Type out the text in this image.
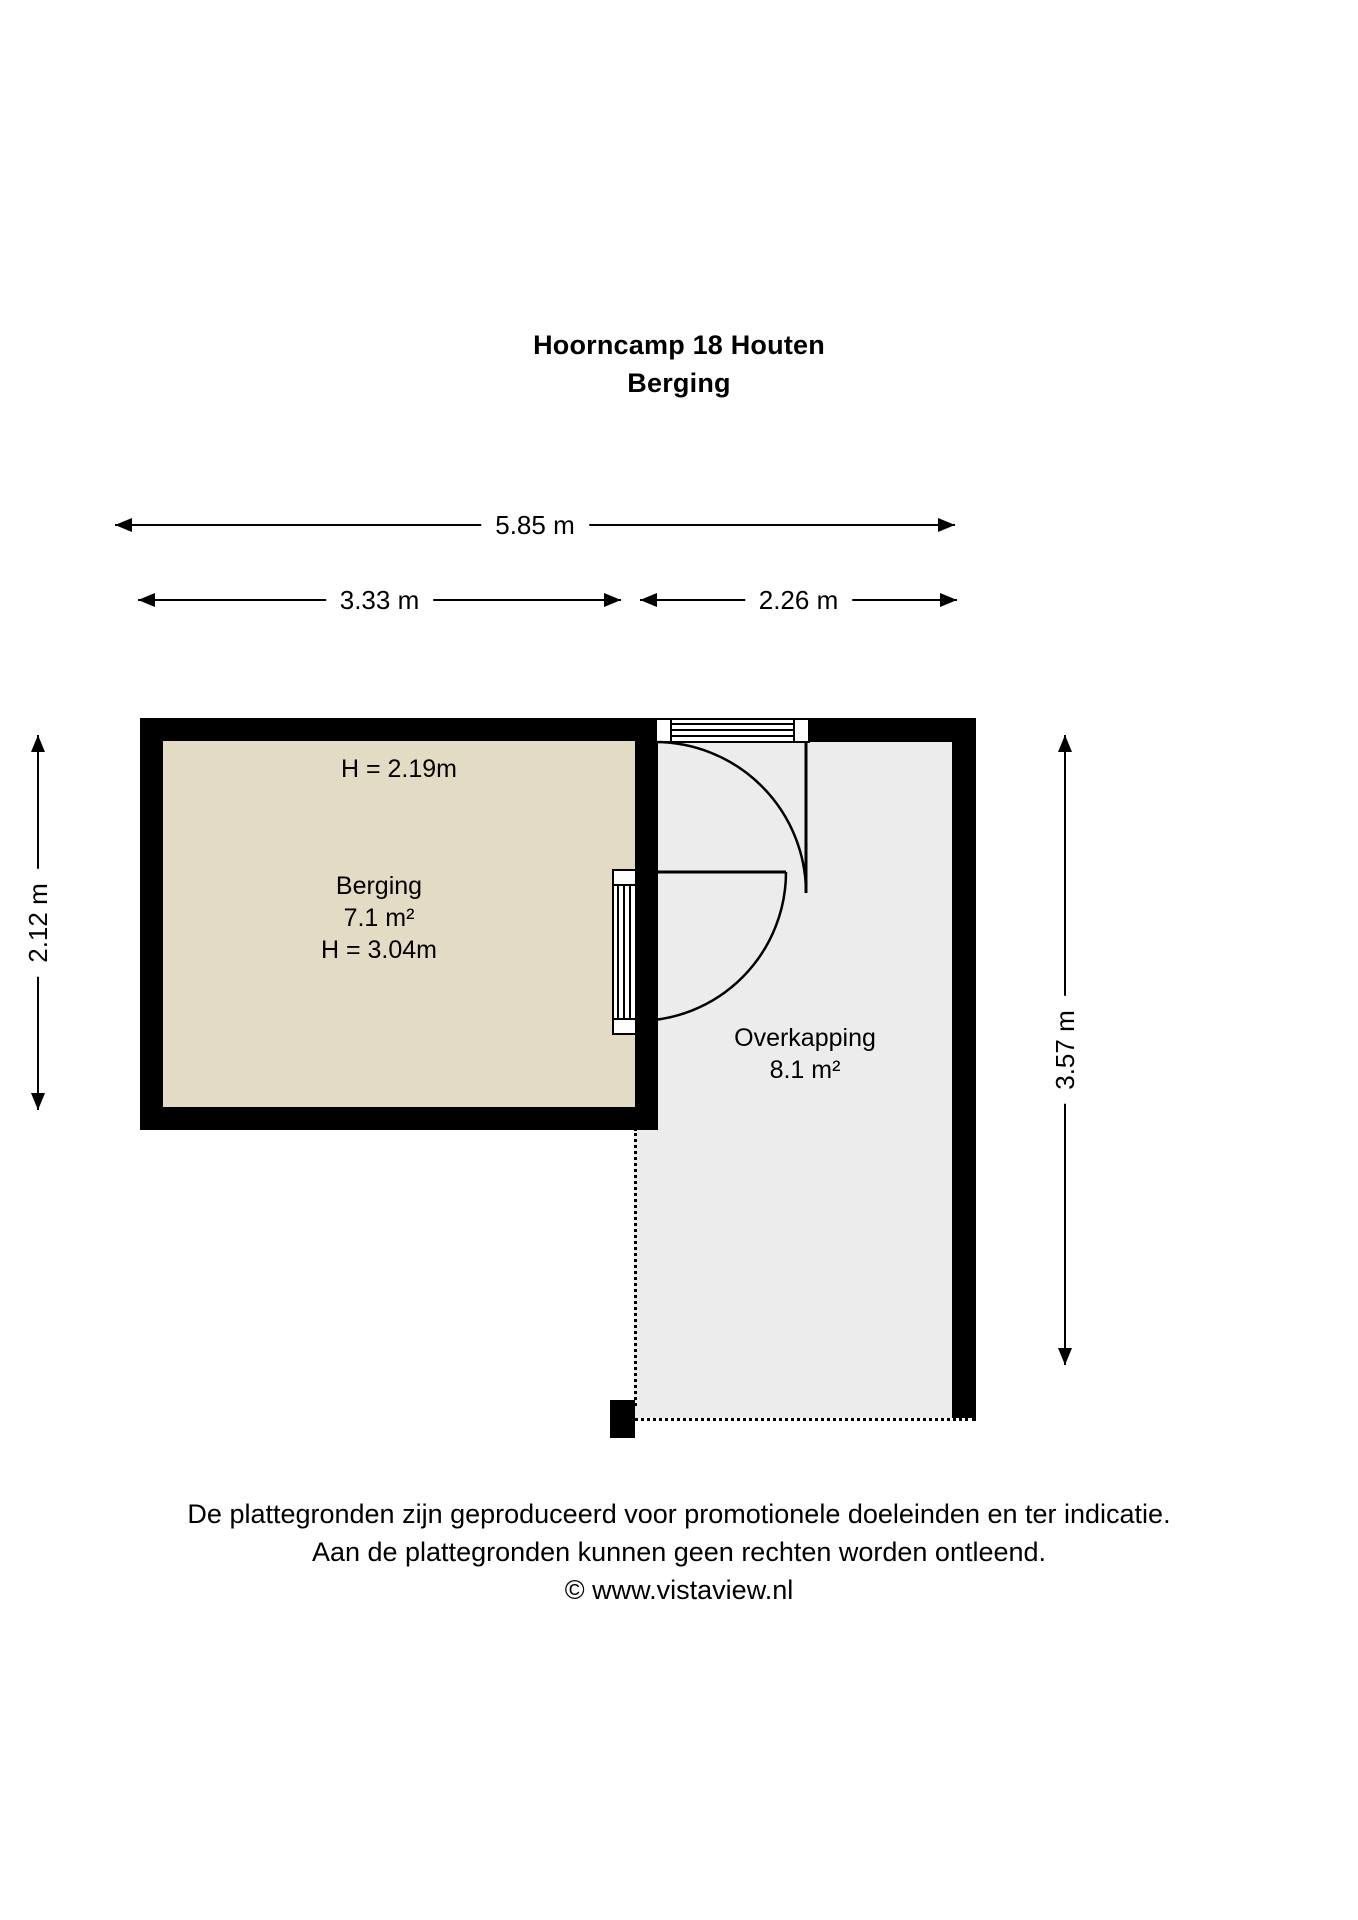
Hoorncamp 18 Houten
Berging
5.85 m
3.33 m	2.26 m
2.12 m
3.57 m
H = 2.19m
Berging
7.1 m²
H = 3.04m
Overkapping
8.1 m²
De plattegronden zijn geproduceerd voor promotionele doeleinden en ter indicatie.
Aan de plattegronden kunnen geen rechten worden ontleend.
© www.vistaview.nl
